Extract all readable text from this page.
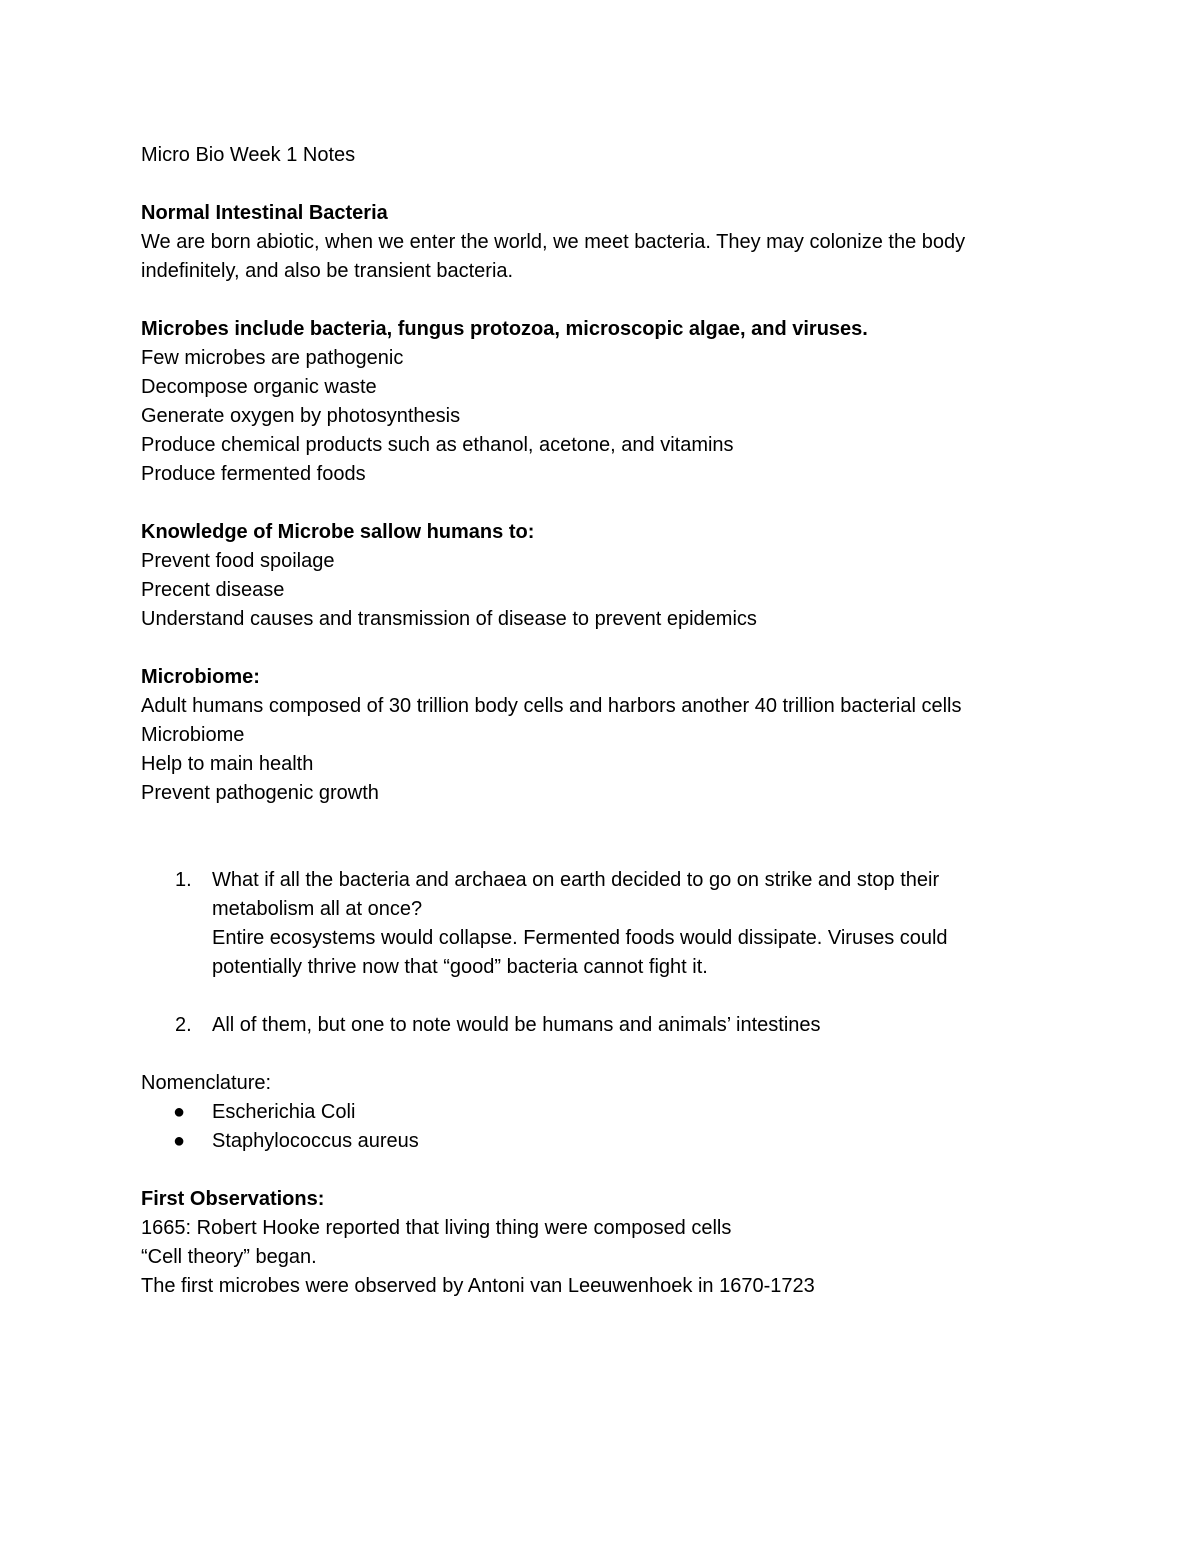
Micro Bio Week 1 Notes
Normal Intestinal Bacteria
We are born abiotic, when we enter the world, we meet bacteria. They may colonize the body
indefinitely, and also be transient bacteria.
Microbes include bacteria, fungus protozoa, microscopic algae, and viruses.
Few microbes are pathogenic
Decompose organic waste
Generate oxygen by photosynthesis
Produce chemical products such as ethanol, acetone, and vitamins
Produce fermented foods
Knowledge of Microbe sallow humans to:
Prevent food spoilage
Precent disease
Understand causes and transmission of disease to prevent epidemics
Microbiome:
Adult humans composed of 30 trillion body cells and harbors another 40 trillion bacterial cells
Microbiome
Help to main health
Prevent pathogenic growth
1. What if all the bacteria and archaea on earth decided to go on strike and stop their
metabolism all at once?
Entire ecosystems would collapse. Fermented foods would dissipate. Viruses could
potentially thrive now that “good” bacteria cannot fight it.
2. All of them, but one to note would be humans and animals’ intestines
Nomenclature:
● Escherichia Coli
● Staphylococcus aureus
First Observations:
1665: Robert Hooke reported that living thing were composed cells
“Cell theory” began.
The first microbes were observed by Antoni van Leeuwenhoek in 1670-1723
